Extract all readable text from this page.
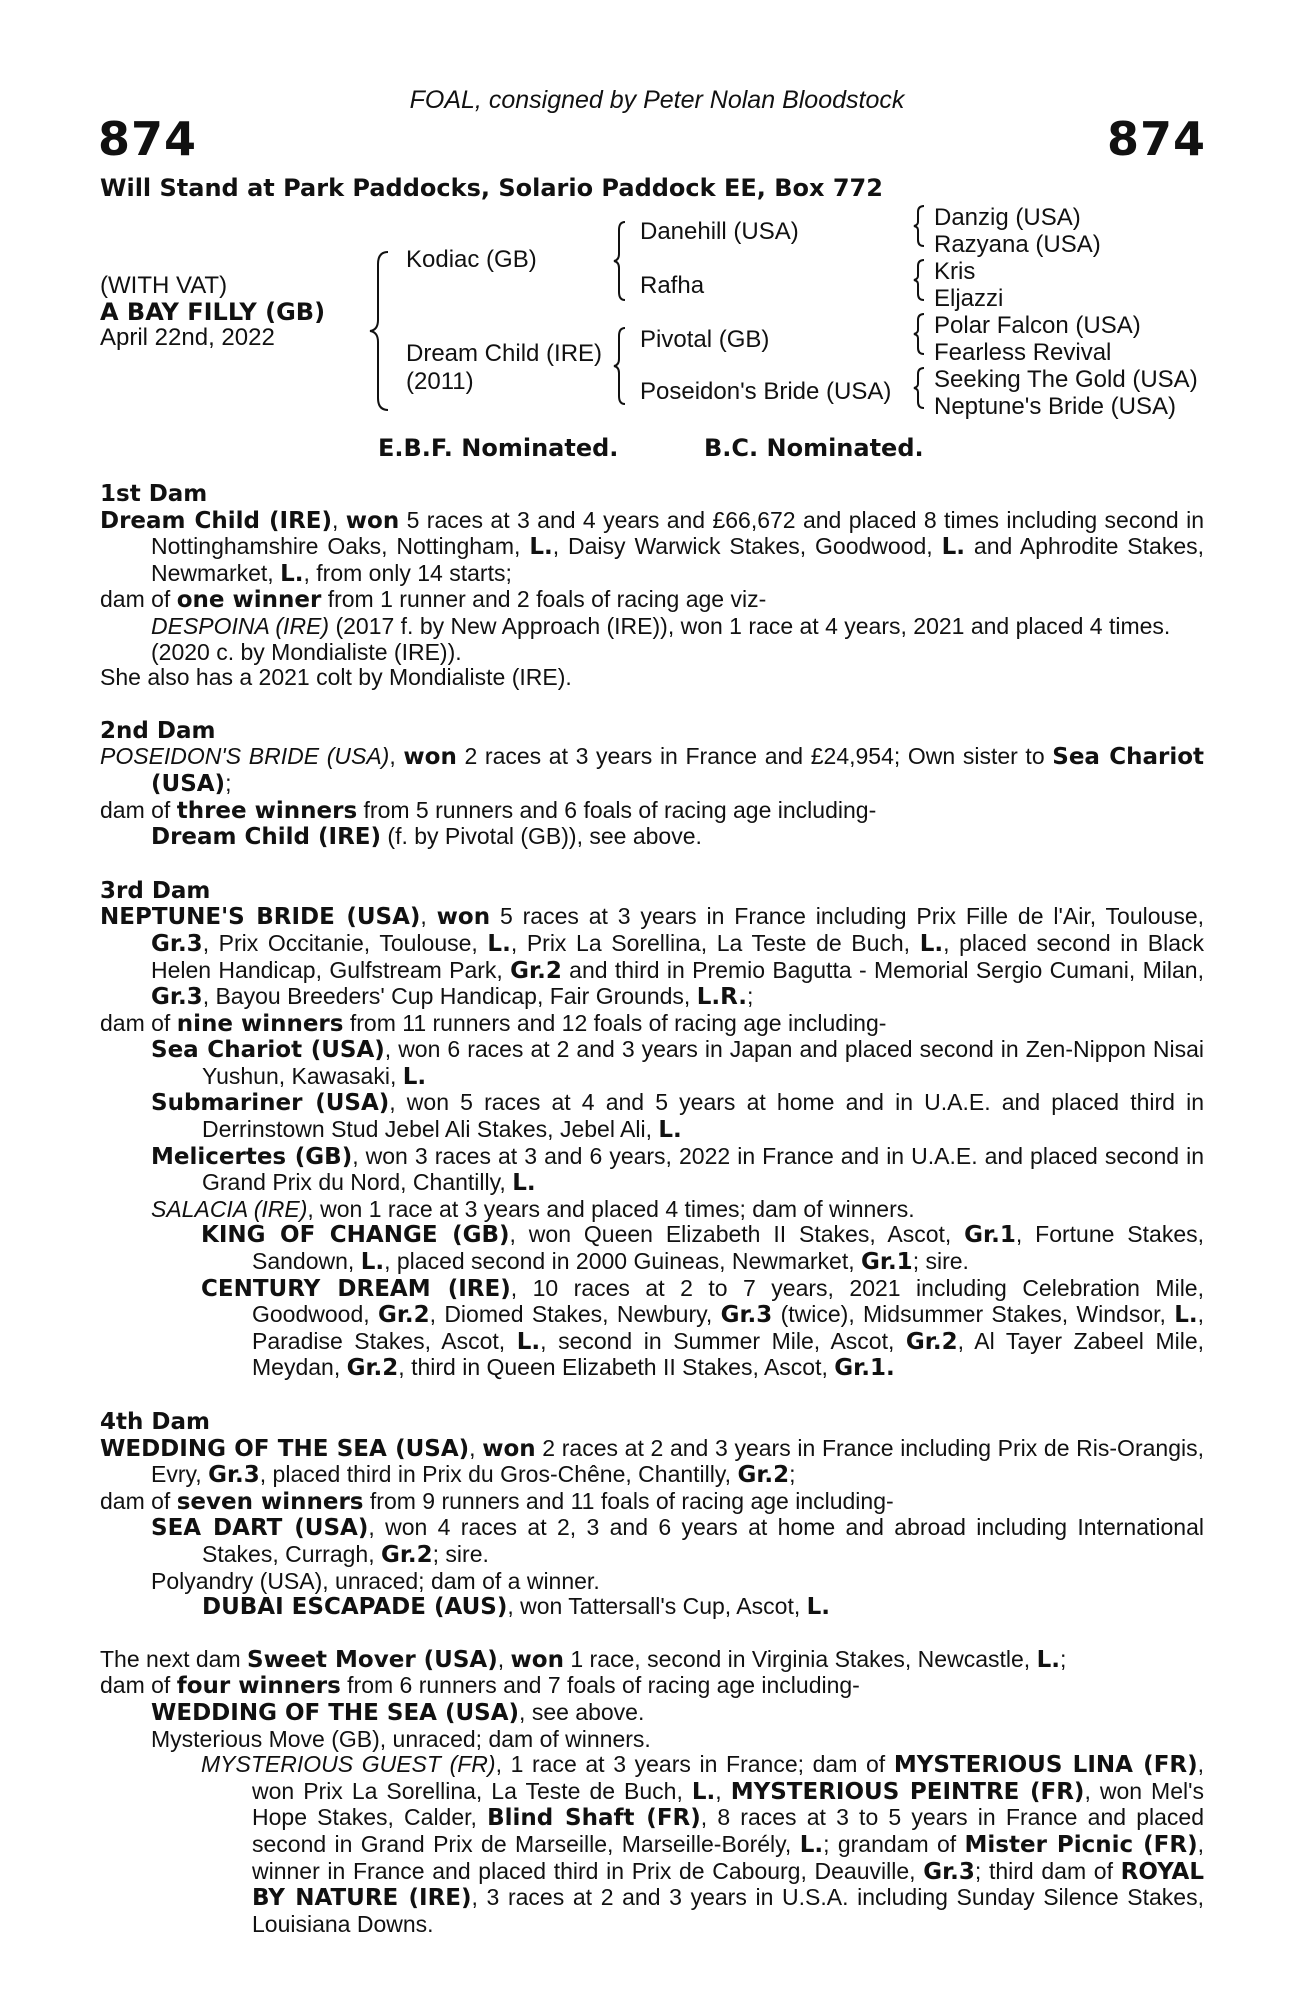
FOAL, consigned by Peter Nolan Bloodstock
874	874
Will Stand at Park Paddocks, Solario Paddock EE, Box 772
(WITH VAT)
A BAY FILLY (GB)
April 22nd, 2022
Kodiac (GB)
Dream Child (IRE)
(2011)
Danehill (USA)
Rafha
Pivotal (GB)
Poseidon's Bride (USA)
Danzig (USA)
Razyana (USA)
Kris
Eljazzi
Polar Falcon (USA)
Fearless Revival
Seeking The Gold (USA)
Neptune's Bride (USA)
E.B.F. Nominated.	B.C. Nominated.
1st Dam
Dream Child (IRE), won 5 races at 3 and 4 years and £66,672 and placed 8 times including second in Nottinghamshire Oaks, Nottingham, L., Daisy Warwick Stakes, Goodwood, L. and Aphrodite Stakes, Newmarket, L., from only 14 starts;
dam of one winner from 1 runner and 2 foals of racing age viz-
DESPOINA (IRE) (2017 f. by New Approach (IRE)), won 1 race at 4 years, 2021 and placed 4 times.
(2020 c. by Mondialiste (IRE)).
She also has a 2021 colt by Mondialiste (IRE).
2nd Dam
POSEIDON'S BRIDE (USA), won 2 races at 3 years in France and £24,954; Own sister to Sea Chariot (USA);
dam of three winners from 5 runners and 6 foals of racing age including-
Dream Child (IRE) (f. by Pivotal (GB)), see above.
3rd Dam
NEPTUNE'S BRIDE (USA), won 5 races at 3 years in France including Prix Fille de l'Air, Toulouse, Gr.3, Prix Occitanie, Toulouse, L., Prix La Sorellina, La Teste de Buch, L., placed second in Black Helen Handicap, Gulfstream Park, Gr.2 and third in Premio Bagutta - Memorial Sergio Cumani, Milan, Gr.3, Bayou Breeders' Cup Handicap, Fair Grounds, L.R.;
dam of nine winners from 11 runners and 12 foals of racing age including-
Sea Chariot (USA), won 6 races at 2 and 3 years in Japan and placed second in Zen-Nippon Nisai Yushun, Kawasaki, L.
Submariner (USA), won 5 races at 4 and 5 years at home and in U.A.E. and placed third in Derrinstown Stud Jebel Ali Stakes, Jebel Ali, L.
Melicertes (GB), won 3 races at 3 and 6 years, 2022 in France and in U.A.E. and placed second in Grand Prix du Nord, Chantilly, L.
SALACIA (IRE), won 1 race at 3 years and placed 4 times; dam of winners.
KING OF CHANGE (GB), won Queen Elizabeth II Stakes, Ascot, Gr.1, Fortune Stakes, Sandown, L., placed second in 2000 Guineas, Newmarket, Gr.1; sire.
CENTURY DREAM (IRE), 10 races at 2 to 7 years, 2021 including Celebration Mile, Goodwood, Gr.2, Diomed Stakes, Newbury, Gr.3 (twice), Midsummer Stakes, Windsor, L., Paradise Stakes, Ascot, L., second in Summer Mile, Ascot, Gr.2, Al Tayer Zabeel Mile, Meydan, Gr.2, third in Queen Elizabeth II Stakes, Ascot, Gr.1.
4th Dam
WEDDING OF THE SEA (USA), won 2 races at 2 and 3 years in France including Prix de Ris-Orangis, Evry, Gr.3, placed third in Prix du Gros-Chêne, Chantilly, Gr.2;
dam of seven winners from 9 runners and 11 foals of racing age including-
SEA DART (USA), won 4 races at 2, 3 and 6 years at home and abroad including International Stakes, Curragh, Gr.2; sire.
Polyandry (USA), unraced; dam of a winner.
DUBAI ESCAPADE (AUS), won Tattersall's Cup, Ascot, L.
The next dam Sweet Mover (USA), won 1 race, second in Virginia Stakes, Newcastle, L.;
dam of four winners from 6 runners and 7 foals of racing age including-
WEDDING OF THE SEA (USA), see above.
Mysterious Move (GB), unraced; dam of winners.
MYSTERIOUS GUEST (FR), 1 race at 3 years in France; dam of MYSTERIOUS LINA (FR), won Prix La Sorellina, La Teste de Buch, L., MYSTERIOUS PEINTRE (FR), won Mel's Hope Stakes, Calder, Blind Shaft (FR), 8 races at 3 to 5 years in France and placed second in Grand Prix de Marseille, Marseille-Borély, L.; grandam of Mister Picnic (FR), winner in France and placed third in Prix de Cabourg, Deauville, Gr.3; third dam of ROYAL BY NATURE (IRE), 3 races at 2 and 3 years in U.S.A. including Sunday Silence Stakes, Louisiana Downs.
